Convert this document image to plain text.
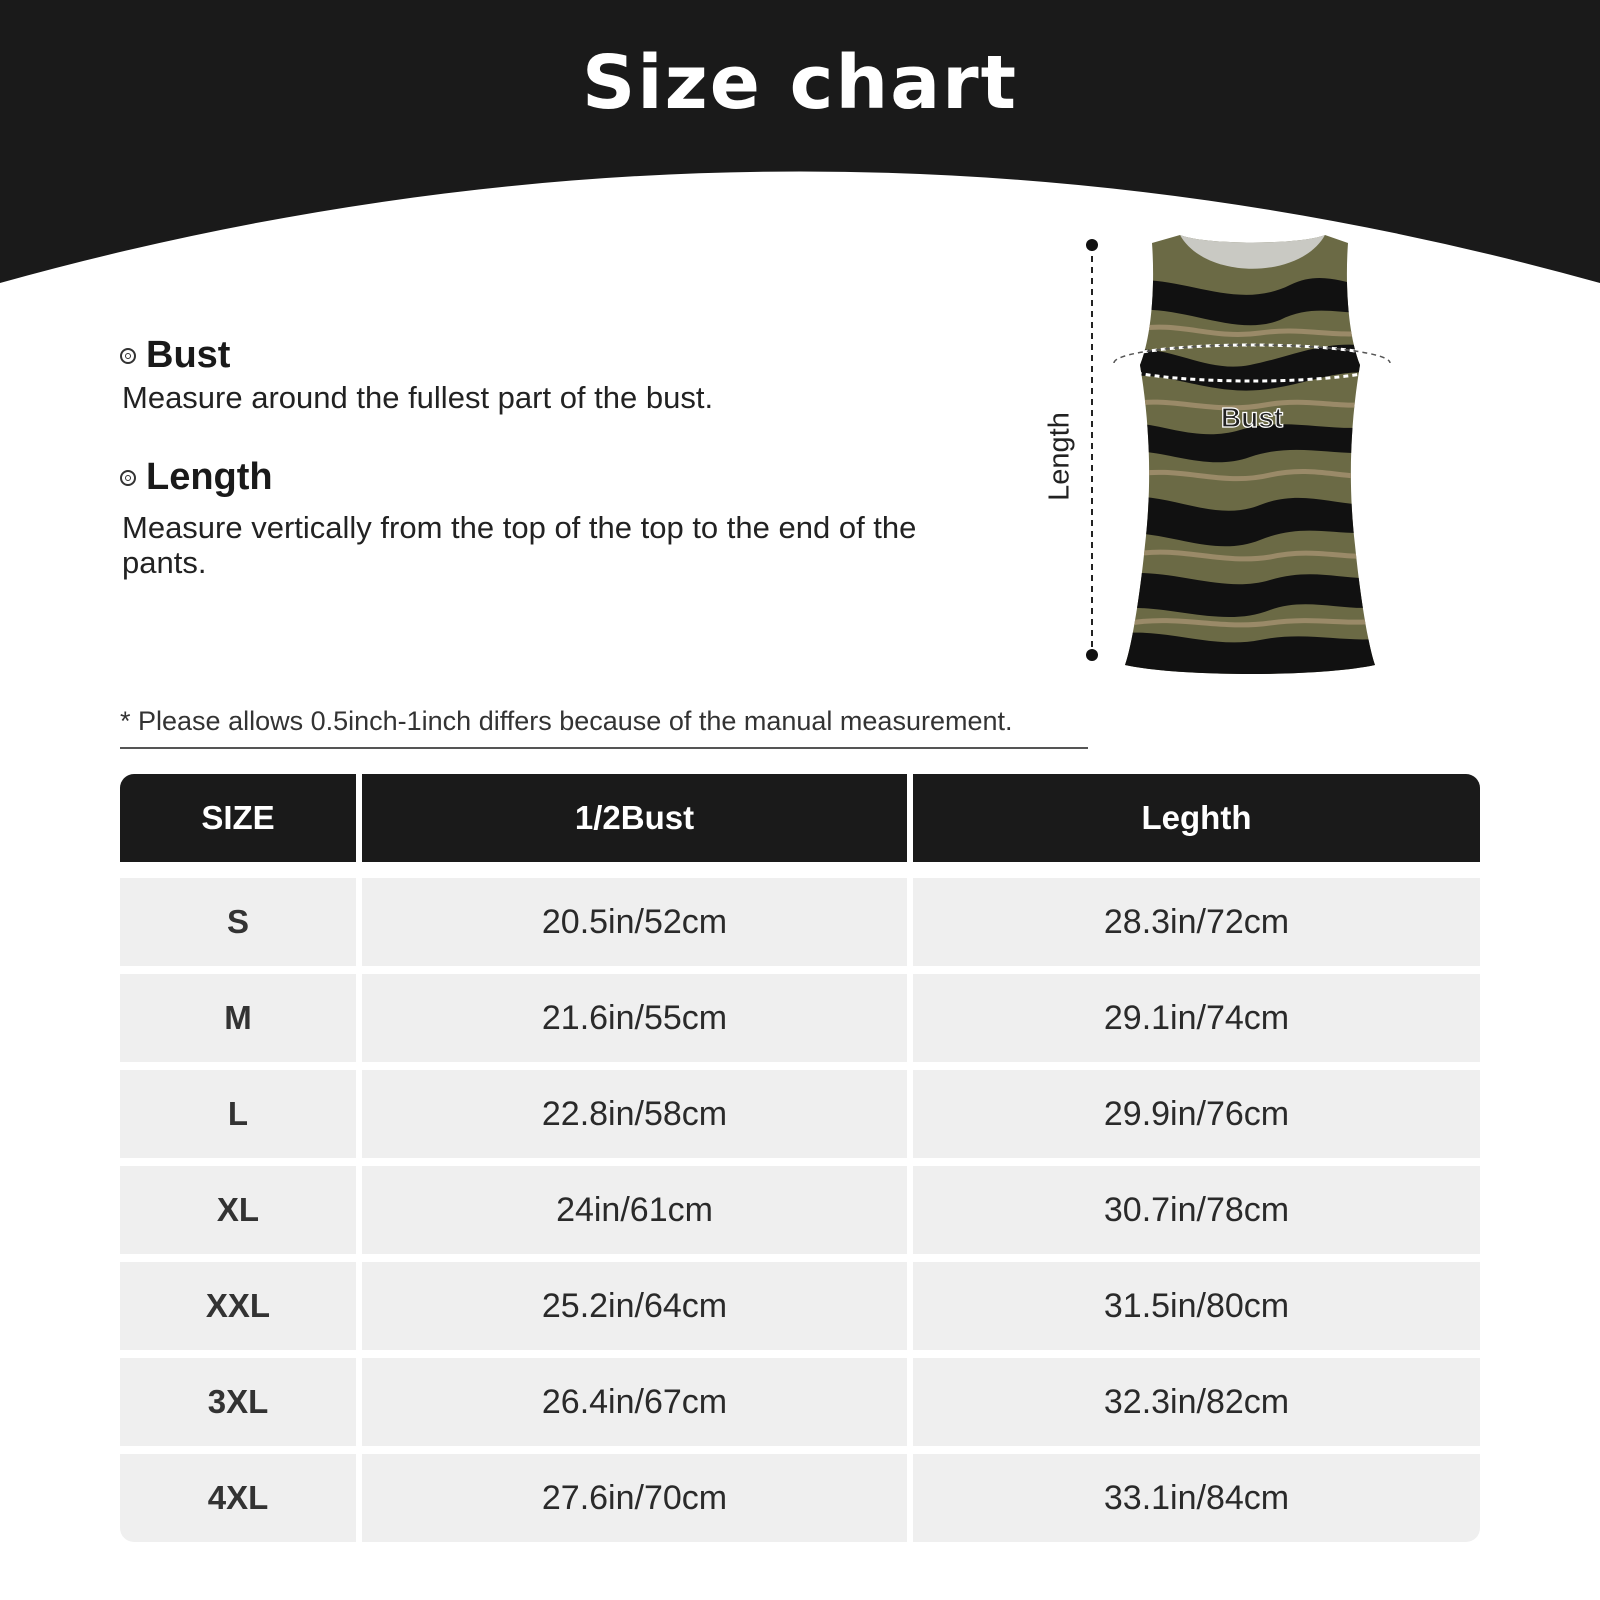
Size chart
Bust
Measure around the fullest part of the bust.
Length
Measure vertically from the top of the top to the end of the pants.
Length	Bust
* Please allows 0.5inch-1inch differs because of the manual measurement.
SIZE	1/2Bust	Leghth
S	20.5in/52cm	28.3in/72cm
M	21.6in/55cm	29.1in/74cm
L	22.8in/58cm	29.9in/76cm
XL	24in/61cm	30.7in/78cm
XXL	25.2in/64cm	31.5in/80cm
3XL	26.4in/67cm	32.3in/82cm
4XL	27.6in/70cm	33.1in/84cm
